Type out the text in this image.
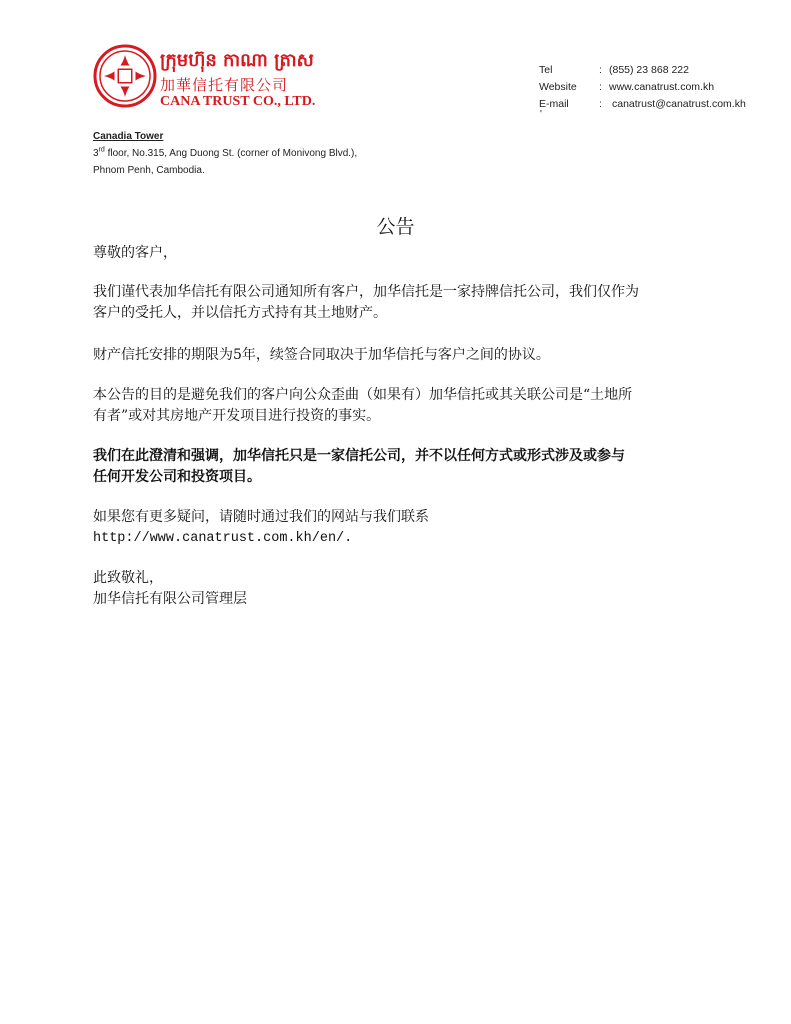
ក្រុមហ៊ុន កាណា ត្រាស
加華信托有限公司
CANA TRUST CO., LTD.
Tel	: (855) 23 868 222
Website : www.canatrust.com.kh
E-mail	: canatrust@canatrust.com.kh
'
Canadia Tower
3rd floor, No.315, Ang Duong St. (corner of Monivong Blvd.),
Phnom Penh, Cambodia.
公告

尊敬的客户，

我们谨代表加华信托有限公司通知所有客户，加华信托是一家持牌信托公司，我们仅作为

客户的受托人，并以信托方式持有其土地财产。

财产信托安排的期限为5年，续签合同取决于加华信托与客户之间的协议。

本公告的目的是避免我们的客户向公众歪曲（如果有）加华信托或其关联公司是“土地所

有者”或对其房地产开发项目进行投资的事实。

我们在此澄清和强调，加华信托只是一家信托公司，并不以任何方式或形式涉及或参与

任何开发公司和投资项目。

如果您有更多疑问，请随时通过我们的网站与我们联系

http://www.canatrust.com.kh/en/.

此致敬礼，

加华信托有限公司管理层
